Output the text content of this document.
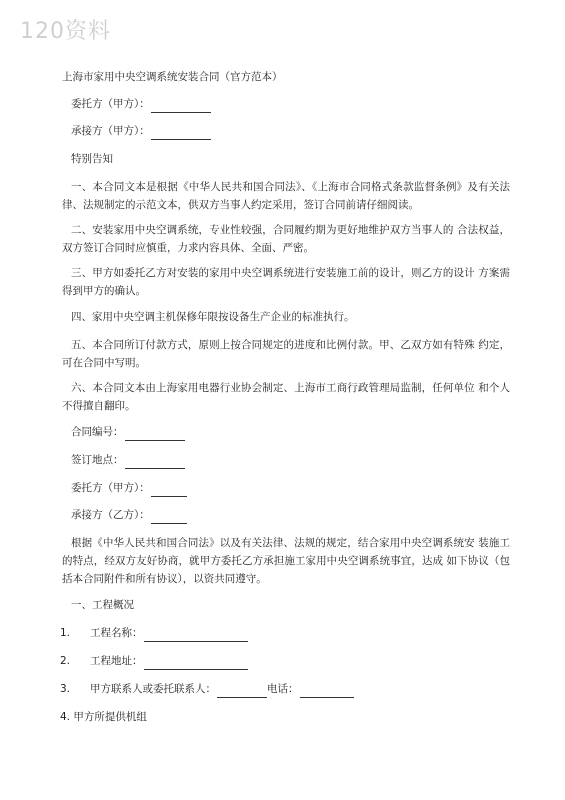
120资料
上海市家用中央空调系统安装合同（官方范本）
委托方（甲方）：
承接方（甲方）：
特别告知
一、本合同文本是根据《中华人民共和国合同法》、《上海市合同格式条款监督条例》及有关法律、法规制定的示范文本，供双方当事人约定采用，签订合同前请仔细阅读。
二、安装家用中央空调系统，专业性较强，合同履约期为更好地维护双方当事人的 合法权益，双方签订合同时应慎重，力求内容具体、全面、严密。
三、甲方如委托乙方对安装的家用中央空调系统进行安装施工前的设计，则乙方的设计 方案需得到甲方的确认。
四、家用中央空调主机保修年限按设备生产企业的标准执行。
五、本合同所订付款方式，原则上按合同规定的进度和比例付款。甲、乙双方如有特殊 约定，可在合同中写明。
六、本合同文本由上海家用电器行业协会制定、上海市工商行政管理局监制，任何单位 和个人不得擅自翻印。
合同编号：
签订地点：
委托方（甲方）：
承接方（乙方）：
根据《中华人民共和国合同法》以及有关法律、法规的规定，结合家用中央空调系统安 装施工的特点，经双方友好协商，就甲方委托乙方承担施工家用中央空调系统事宜，达成 如下协议（包括本合同附件和所有协议），以资共同遵守。
一、工程概况
1. 工程名称：
2. 工程地址：
3. 甲方联系人或委托联系人：	电话：
4. 甲方所提供机组
